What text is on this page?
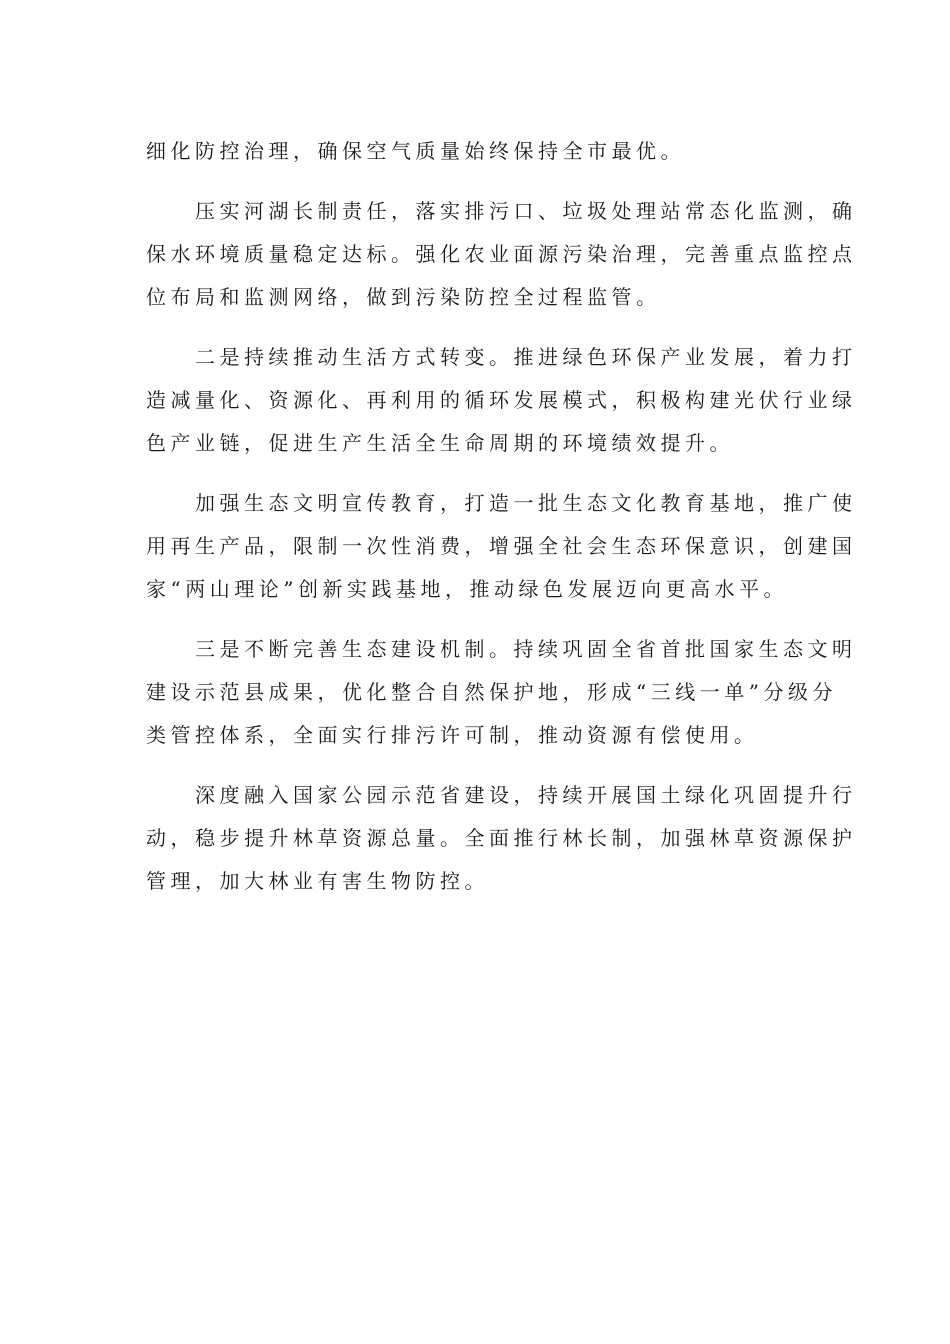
细化防控治理，确保空气质量始终保持全市最优。

压实河湖长制责任，落实排污口、垃圾处理站常态化监测，确
保水环境质量稳定达标。强化农业面源污染治理，完善重点监控点
位布局和监测网络，做到污染防控全过程监管。

二是持续推动生活方式转变。推进绿色环保产业发展，着力打
造减量化、资源化、再利用的循环发展模式，积极构建光伏行业绿
色产业链，促进生产生活全生命周期的环境绩效提升。

加强生态文明宣传教育，打造一批生态文化教育基地，推广使
用再生产品，限制一次性消费，增强全社会生态环保意识，创建国
家“两山理论”创新实践基地，推动绿色发展迈向更高水平。

三是不断完善生态建设机制。持续巩固全省首批国家生态文明
建设示范县成果，优化整合自然保护地，形成“三线一单”分级分
类管控体系，全面实行排污许可制，推动资源有偿使用。

深度融入国家公园示范省建设，持续开展国土绿化巩固提升行
动，稳步提升林草资源总量。全面推行林长制，加强林草资源保护
管理，加大林业有害生物防控。
